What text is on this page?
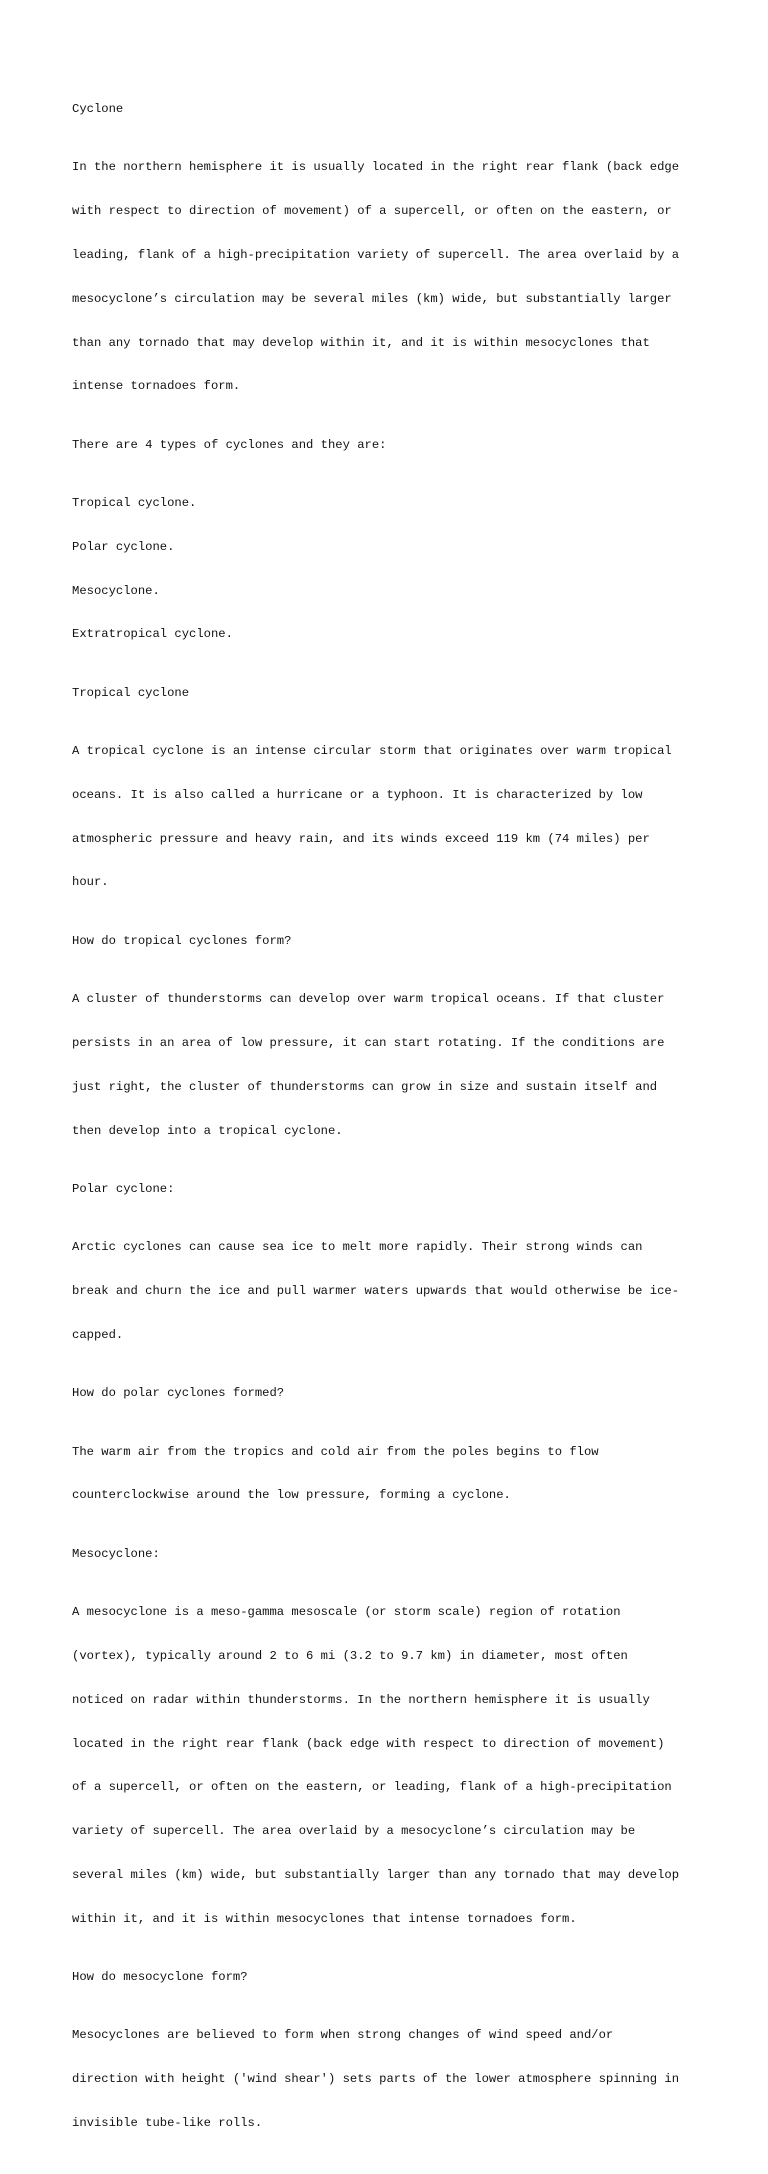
Cyclone

In the northern hemisphere it is usually located in the right rear flank (back edge

with respect to direction of movement) of a supercell, or often on the eastern, or

leading, flank of a high-precipitation variety of supercell. The area overlaid by a

mesocyclone’s circulation may be several miles (km) wide, but substantially larger

than any tornado that may develop within it, and it is within mesocyclones that

intense tornadoes form.

There are 4 types of cyclones and they are:

Tropical cyclone.

Polar cyclone.

Mesocyclone.

Extratropical cyclone.

Tropical cyclone

A tropical cyclone is an intense circular storm that originates over warm tropical

oceans. It is also called a hurricane or a typhoon. It is characterized by low

atmospheric pressure and heavy rain, and its winds exceed 119 km (74 miles) per

hour.

How do tropical cyclones form?

A cluster of thunderstorms can develop over warm tropical oceans. If that cluster

persists in an area of low pressure, it can start rotating. If the conditions are

just right, the cluster of thunderstorms can grow in size and sustain itself and

then develop into a tropical cyclone.

Polar cyclone:

Arctic cyclones can cause sea ice to melt more rapidly. Their strong winds can

break and churn the ice and pull warmer waters upwards that would otherwise be ice-

capped.

How do polar cyclones formed?

The warm air from the tropics and cold air from the poles begins to flow

counterclockwise around the low pressure, forming a cyclone.

Mesocyclone:

A mesocyclone is a meso-gamma mesoscale (or storm scale) region of rotation

(vortex), typically around 2 to 6 mi (3.2 to 9.7 km) in diameter, most often

noticed on radar within thunderstorms. In the northern hemisphere it is usually

located in the right rear flank (back edge with respect to direction of movement)

of a supercell, or often on the eastern, or leading, flank of a high-precipitation

variety of supercell. The area overlaid by a mesocyclone’s circulation may be

several miles (km) wide, but substantially larger than any tornado that may develop

within it, and it is within mesocyclones that intense tornadoes form.

How do mesocyclone form?

Mesocyclones are believed to form when strong changes of wind speed and/or

direction with height ('wind shear') sets parts of the lower atmosphere spinning in

invisible tube-like rolls.
